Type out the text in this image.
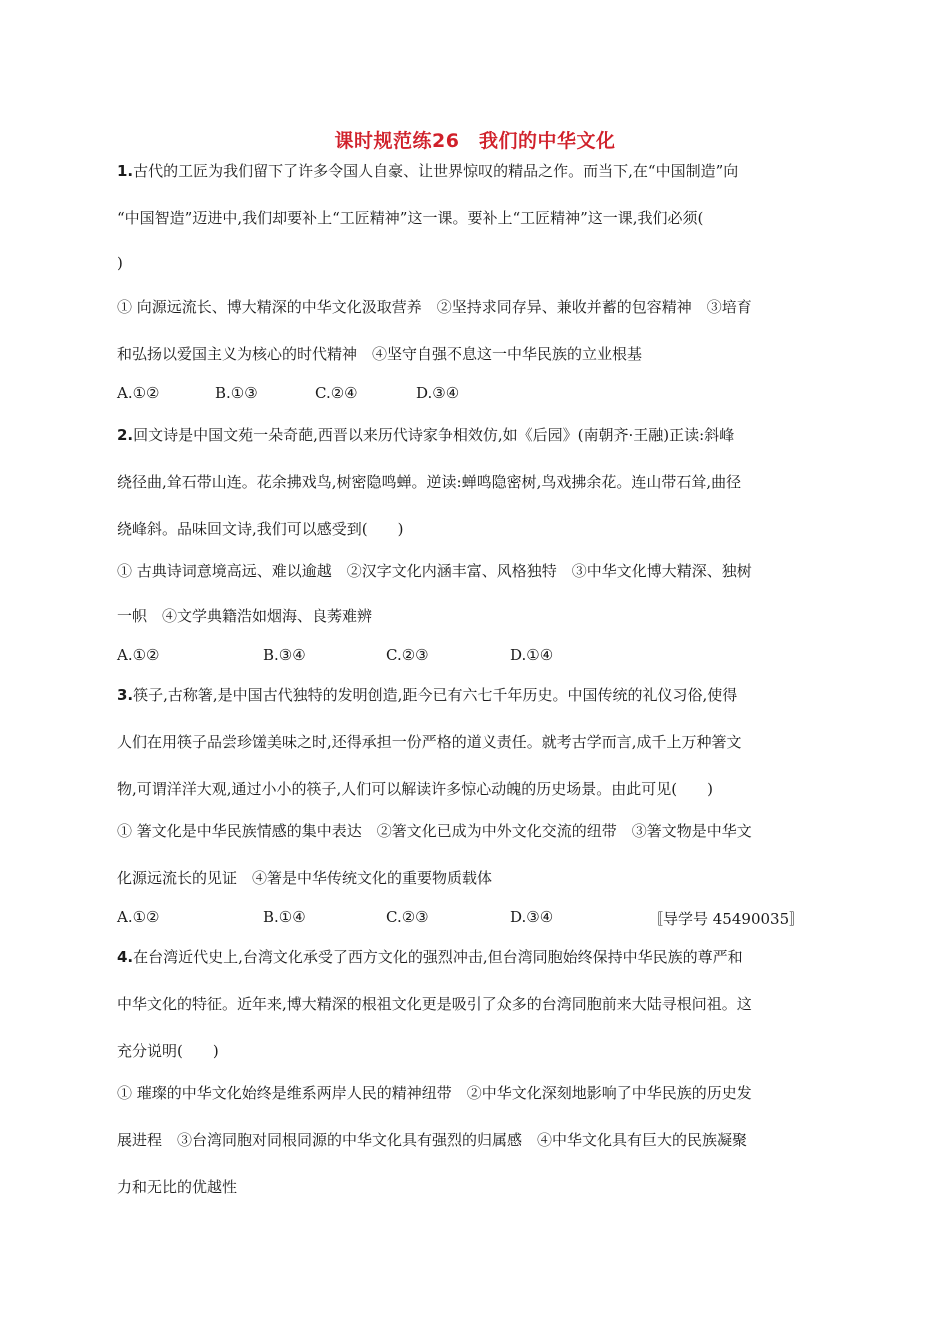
课时规范练26　我们的中华文化
1.古代的工匠为我们留下了许多令国人自豪、让世界惊叹的精品之作。而当下,在“中国制造”向
“中国智造”迈进中,我们却要补上“工匠精神”这一课。要补上“工匠精神”这一课,我们必须(
)
① 向源远流长、博大精深的中华文化汲取营养　②坚持求同存异、兼收并蓄的包容精神　③培育
和弘扬以爱国主义为核心的时代精神　④坚守自强不息这一中华民族的立业根基
A.①②	B.①③	C.②④	D.③④
2.回文诗是中国文苑一朵奇葩,西晋以来历代诗家争相效仿,如《后园》(南朝齐·王融)正读:斜峰
绕径曲,耸石带山连。花余拂戏鸟,树密隐鸣蝉。逆读:蝉鸣隐密树,鸟戏拂余花。连山带石耸,曲径
绕峰斜。品味回文诗,我们可以感受到(　　)
① 古典诗词意境高远、难以逾越　②汉字文化内涵丰富、风格独特　③中华文化博大精深、独树
一帜　④文学典籍浩如烟海、良莠难辨
A.①②	B.③④	C.②③	D.①④
3.筷子,古称箸,是中国古代独特的发明创造,距今已有六七千年历史。中国传统的礼仪习俗,使得
人们在用筷子品尝珍馐美味之时,还得承担一份严格的道义责任。就考古学而言,成千上万种箸文
物,可谓洋洋大观,通过小小的筷子,人们可以解读许多惊心动魄的历史场景。由此可见(　　)
① 箸文化是中华民族情感的集中表达　②箸文化已成为中外文化交流的纽带　③箸文物是中华文
化源远流长的见证　④箸是中华传统文化的重要物质载体
A.①②	B.①④	C.②③	D.③④	〚导学号 45490035〛
4.在台湾近代史上,台湾文化承受了西方文化的强烈冲击,但台湾同胞始终保持中华民族的尊严和
中华文化的特征。近年来,博大精深的根祖文化更是吸引了众多的台湾同胞前来大陆寻根问祖。这
充分说明(　　)
① 璀璨的中华文化始终是维系两岸人民的精神纽带　②中华文化深刻地影响了中华民族的历史发
展进程　③台湾同胞对同根同源的中华文化具有强烈的归属感　④中华文化具有巨大的民族凝聚
力和无比的优越性
